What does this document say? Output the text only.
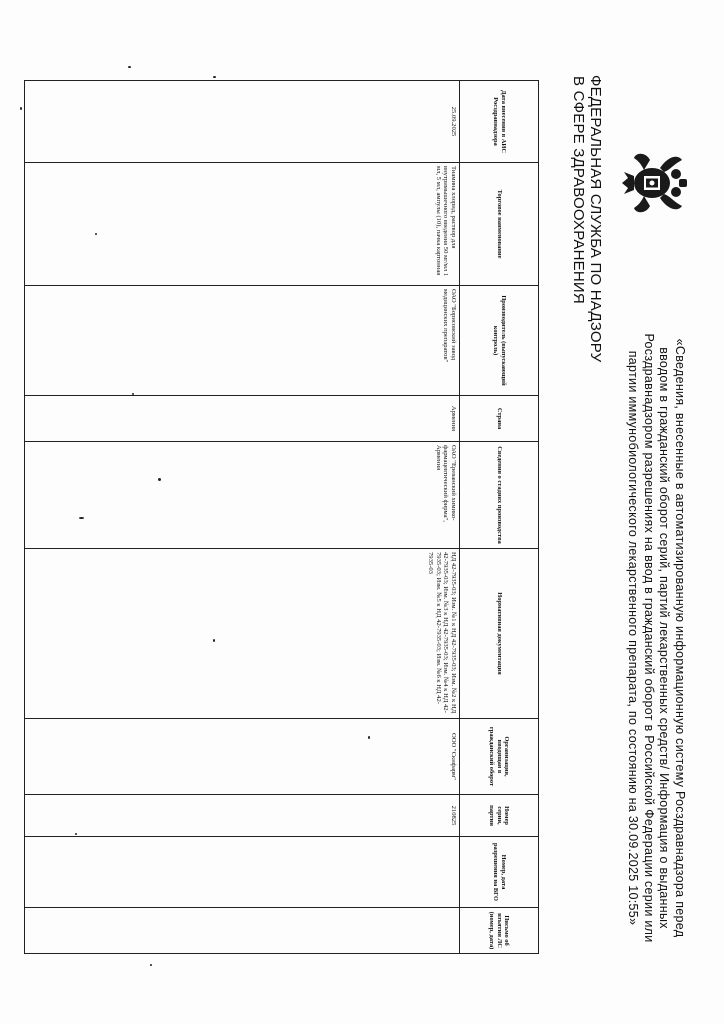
ФЕДЕРАЛЬНАЯ СЛУЖБА ПО НАДЗОРУ
В СФЕРЕ ЗДРАВООХРАНЕНИЯ
«Сведения, внесенные в автоматизированную информационную систему Росздравнадзора перед вводом в гражданский оборот серий, партий лекарственных средств/ Информация о выданных Росздравнадзором разрешениях на ввод в гражданский оборот в Российской Федерации серии или партии иммунобиологического лекарственного препарата, по состоянию на 30.09.2025 10:55»
Дата внесения в АИС Росздравнадзора	Торговое наименование	Производитель (выпускающий контроль)	Страна	Сведения о стадиях производства	Нормативная документация	Организация, вводящая в гражданский оборот	Номер серии, партии	Номер, дата разрешения на ВГО	Письмо об изъятии ЛС (номер, дата)
25.09.2025	Тиамина хлорид, раствор для внутримышечного введения 50 мг/мл 1 мл, 5 мл, ампулы (10), пачка картонная	ОАО "Борисовский завод медицинских препаратов"	Армения	ОАО "Ереванский химико-фармацевтический фирма", Армения	НД 42-7935-03; Изм. №1 к НД 42-7935-03; Изм. №2 к НД 42-7935-03; Изм. №3 к НД 42-7935-03; Изм. №4 к НД 42-7935-03; Изм. №5 к НД 42-7935-03; Изм. №6 к НД 42-7935-03	ООО "Скифарм"	210825		
